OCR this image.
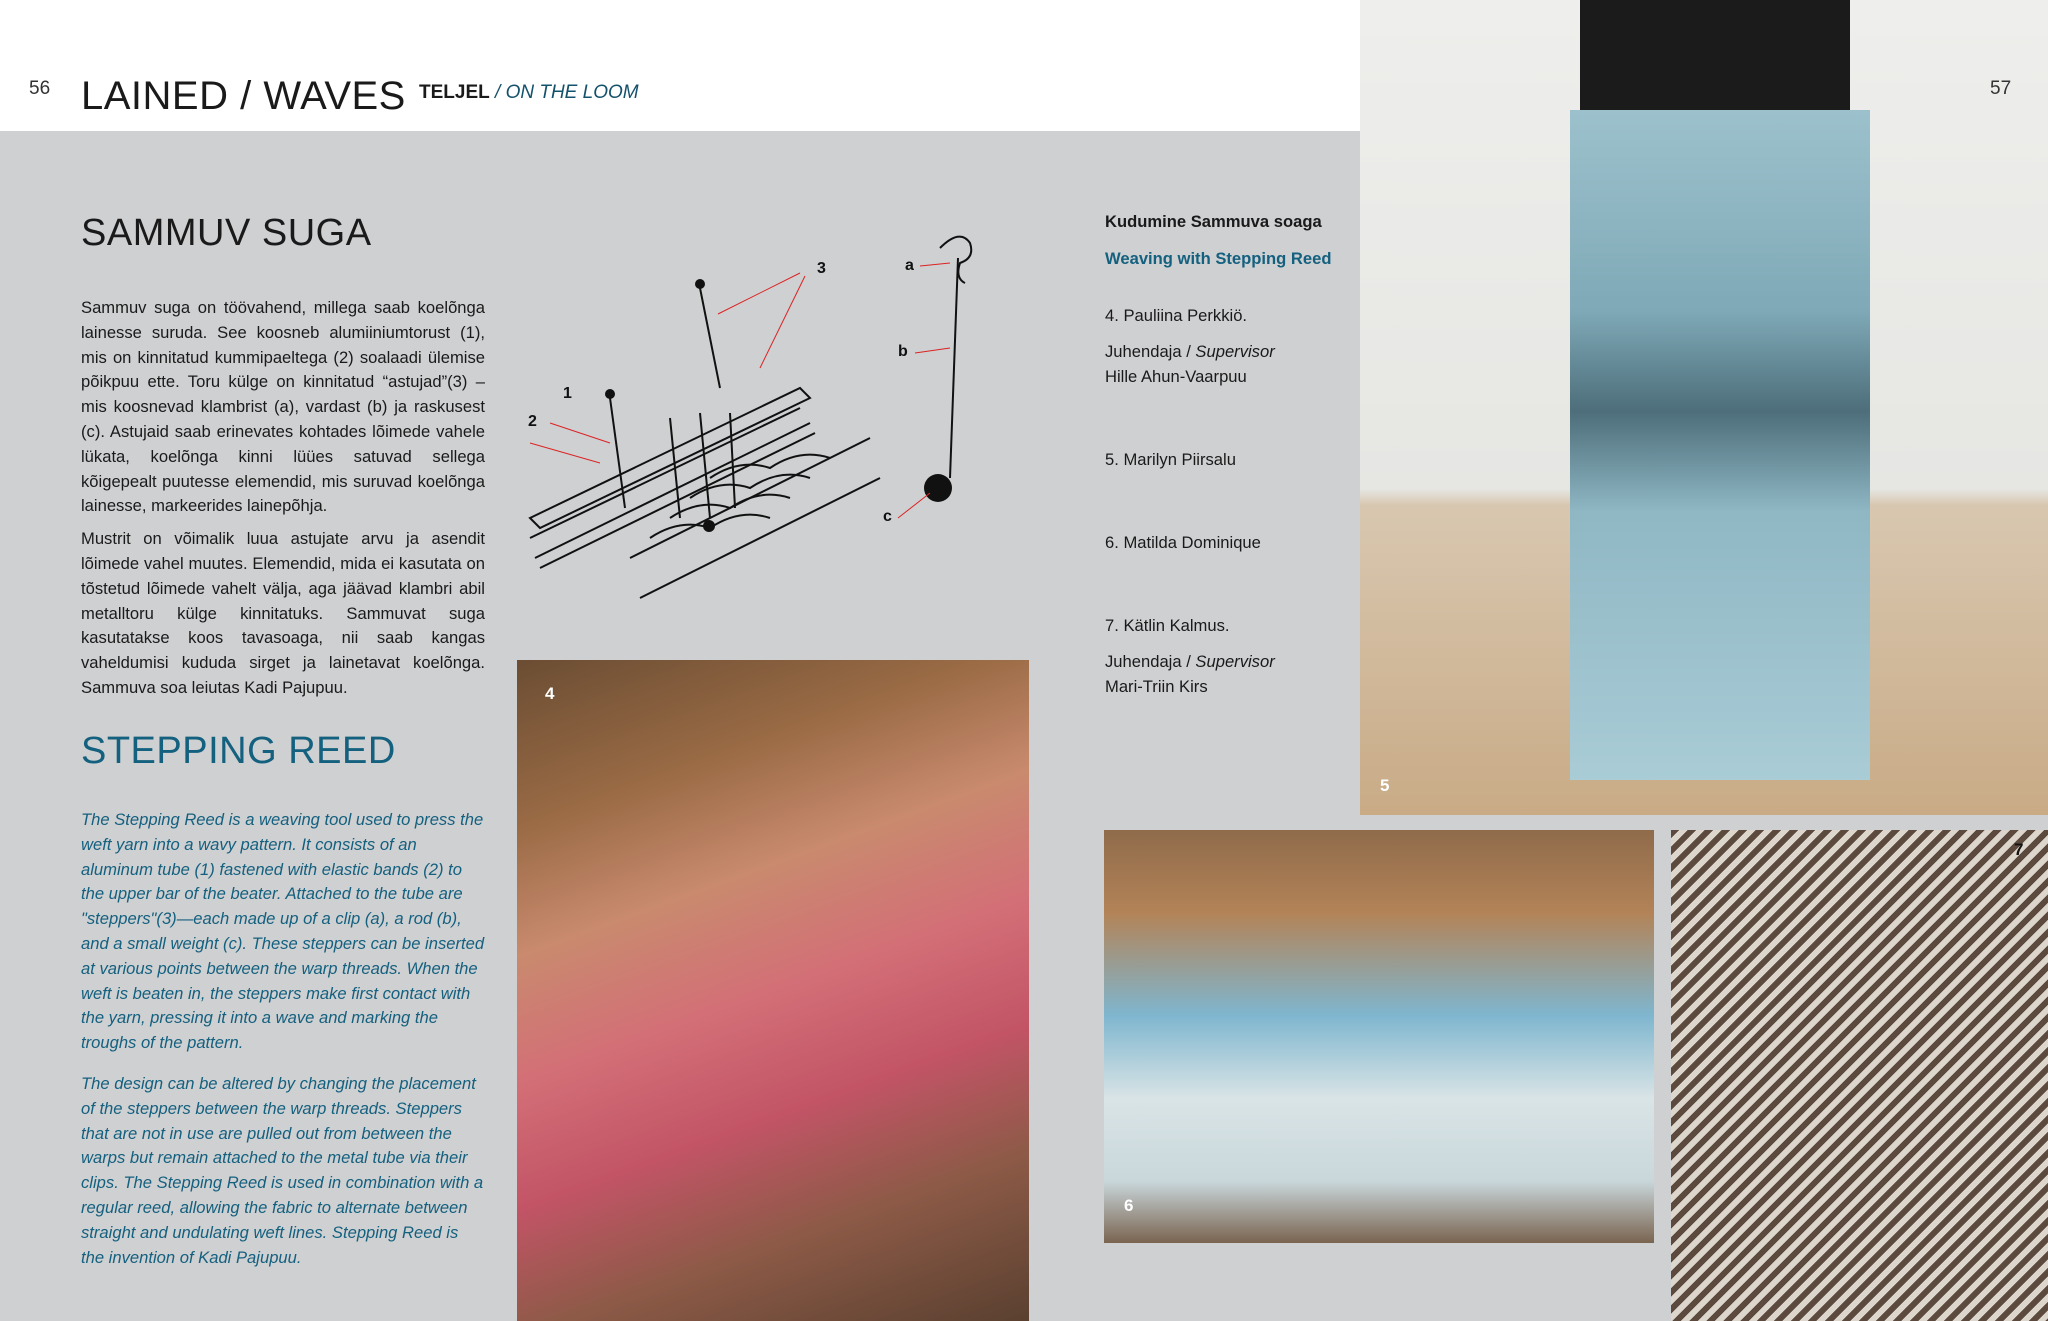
56 LAINED / WAVES TELJEL / ON THE LOOM
SAMMUV SUGA

Sammuv suga on töövahend, millega saab koelõnga lainesse suruda. See koosneb alumiiniumtorust (1), mis on kinnitatud kummipaeltega (2) soalaadi ülemise põikpuu ette. Toru külge on kinnitatud “astujad”(3) – mis koosnevad klambrist (a), vardast (b) ja raskusest (c). Astujaid saab erinevates kohtades lõimede vahele lükata, koelõnga kinni lüües satuvad sellega kõigepealt puutesse elemendid, mis suruvad koelõnga lainesse, markeerides lainepõhja.

Mustrit on võimalik luua astujate arvu ja asendit lõimede vahel muutes. Elemendid, mida ei kasutata on tõstetud lõimede vahelt välja, aga jäävad klambri abil metalltoru külge kinnitatuks. Sammuvat suga kasutatakse koos tavasoaga, nii saab kangas vaheldumisi kududa sirget ja lainetavat koelõnga. Sammuva soa leiutas Kadi Pajupuu.

STEPPING REED

The Stepping Reed is a weaving tool used to press the weft yarn into a wavy pattern. It consists of an aluminum tube (1) fastened with elastic bands (2) to the upper bar of the beater. Attached to the tube are "steppers"(3)—each made up of a clip (a), a rod (b), and a small weight (c). These steppers can be inserted at various points between the warp threads. When the weft is beaten in, the steppers make first contact with the yarn, pressing it into a wave and marking the troughs of the pattern.

The design can be altered by changing the placement of the steppers between the warp threads. Steppers that are not in use are pulled out from between the warps but remain attached to the metal tube via their clips. The Stepping Reed is used in combination with a regular reed, allowing the fabric to alternate between straight and undulating weft lines. Stepping Reed is the invention of Kadi Pajupuu.

3
1
2
a
b
c
Kudumine Sammuva soaga
Weaving with Stepping Reed
4. Pauliina Perkkiö.
Juhendaja / Supervisor
Hille Ahun-Vaarpuu
5. Marilyn Piirsalu
6. Matilda Dominique
7. Kätlin Kalmus.
Juhendaja / Supervisor
Mari-Triin Kirs
4
57
5
6
7
